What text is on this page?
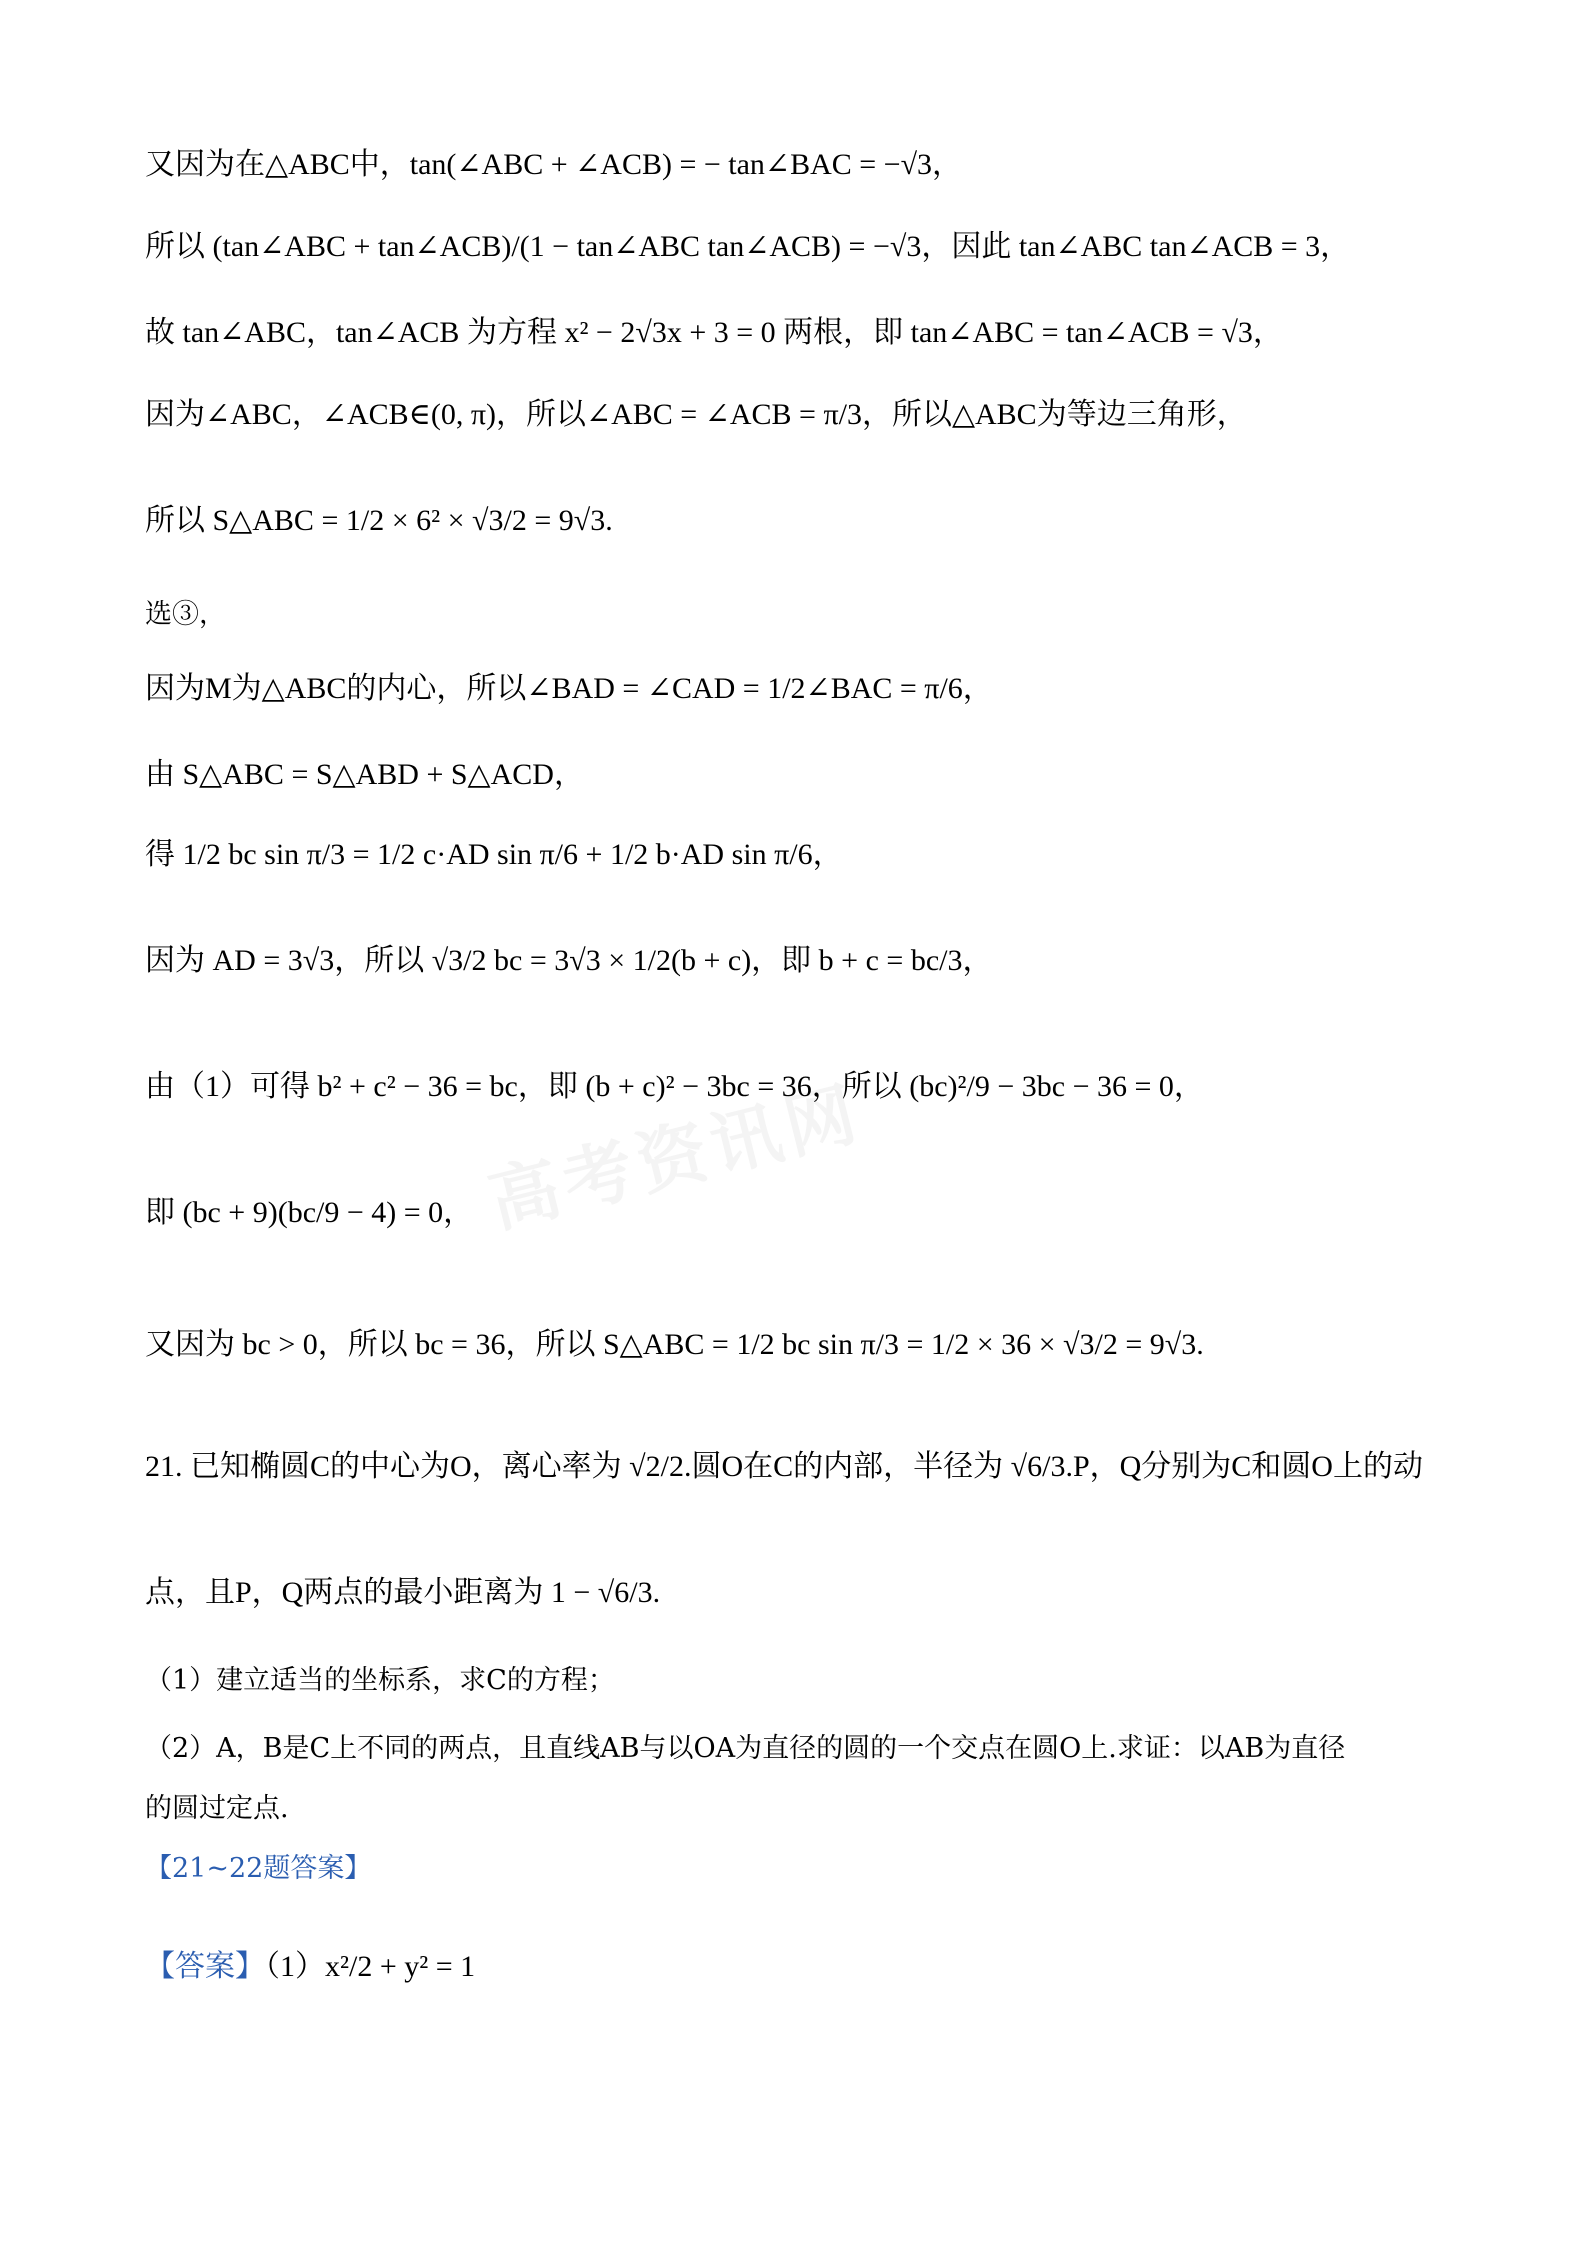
又因为在△ABC中，tan(∠ABC + ∠ACB) = − tan∠BAC = −√3，
所以 (tan∠ABC + tan∠ACB)/(1 − tan∠ABC tan∠ACB) = −√3，因此 tan∠ABC tan∠ACB = 3，
故 tan∠ABC，tan∠ACB 为方程 x² − 2√3x + 3 = 0 两根，即 tan∠ABC = tan∠ACB = √3，
因为∠ABC，∠ACB∈(0, π)，所以∠ABC = ∠ACB = π/3，所以△ABC为等边三角形，
所以 S△ABC = 1/2 × 6² × √3/2 = 9√3.
选③，
因为M为△ABC的内心，所以∠BAD = ∠CAD = 1/2∠BAC = π/6，
由 S△ABC = S△ABD + S△ACD，
得 1/2 bc sin π/3 = 1/2 c·AD sin π/6 + 1/2 b·AD sin π/6，
因为 AD = 3√3，所以 √3/2 bc = 3√3 × 1/2(b + c)，即 b + c = bc/3，
由（1）可得 b² + c² − 36 = bc，即 (b + c)² − 3bc = 36，所以 (bc)²/9 − 3bc − 36 = 0，
即 (bc + 9)(bc/9 − 4) = 0，
又因为 bc > 0，所以 bc = 36，所以 S△ABC = 1/2 bc sin π/3 = 1/2 × 36 × √3/2 = 9√3.
21. 已知椭圆C的中心为O，离心率为 √2/2.圆O在C的内部，半径为 √6/3.P，Q分别为C和圆O上的动
点，且P，Q两点的最小距离为 1 − √6/3.
（1）建立适当的坐标系，求C的方程；
（2）A，B是C上不同的两点，且直线AB与以OA为直径的圆的一个交点在圆O上.求证：以AB为直径
的圆过定点.
【21~22题答案】
【答案】（1）x²/2 + y² = 1
